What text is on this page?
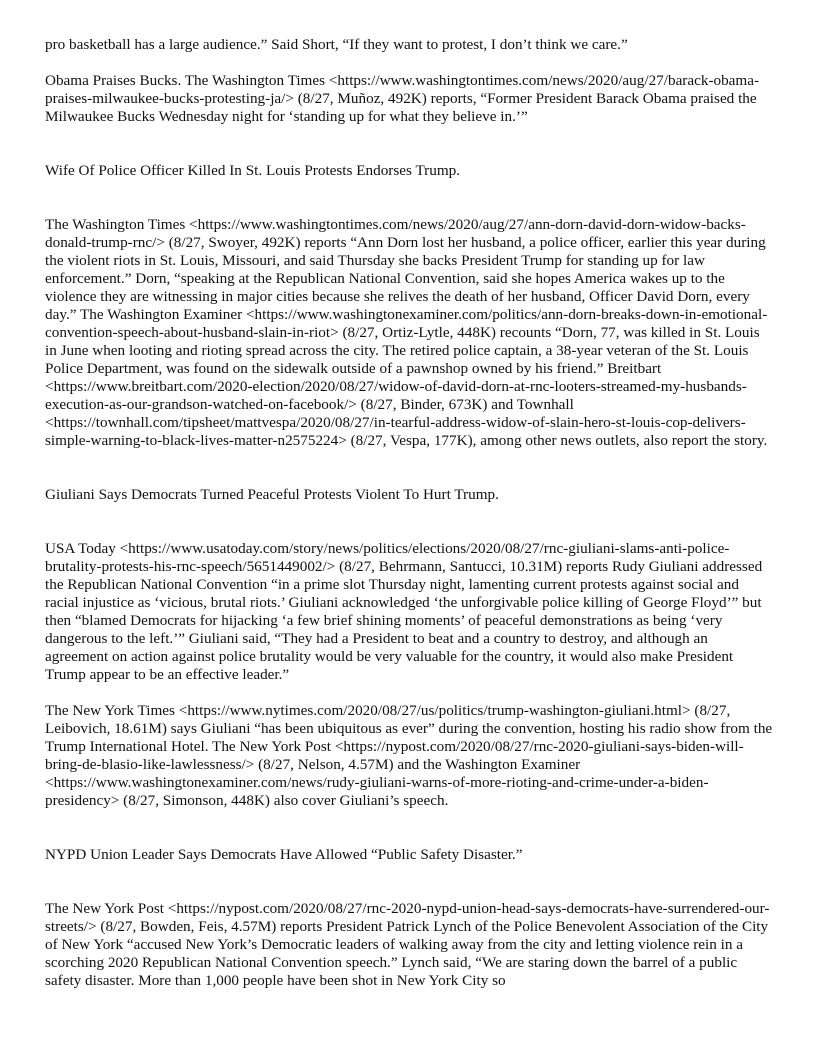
pro basketball has a large audience.” Said Short, “If they want to protest, I don’t think we care.”

Obama Praises Bucks. The Washington Times <https://www.washingtontimes.com/news/2020/aug/27/barack-obama-praises-milwaukee-bucks-protesting-ja/> (8/27, Muñoz, 492K) reports, “Former President Barack Obama praised the Milwaukee Bucks Wednesday night for ‘standing up for what they believe in.’”

Wife Of Police Officer Killed In St. Louis Protests Endorses Trump.

The Washington Times <https://www.washingtontimes.com/news/2020/aug/27/ann-dorn-david-dorn-widow-backs-donald-trump-rnc/> (8/27, Swoyer, 492K) reports “Ann Dorn lost her husband, a police officer, earlier this year during the violent riots in St. Louis, Missouri, and said Thursday she backs President Trump for standing up for law enforcement.” Dorn, “speaking at the Republican National Convention, said she hopes America wakes up to the violence they are witnessing in major cities because she relives the death of her husband, Officer David Dorn, every day.” The Washington Examiner <https://www.washingtonexaminer.com/politics/ann-dorn-breaks-down-in-emotional-convention-speech-about-husband-slain-in-riot> (8/27, Ortiz-Lytle, 448K) recounts “Dorn, 77, was killed in St. Louis in June when looting and rioting spread across the city. The retired police captain, a 38-year veteran of the St. Louis Police Department, was found on the sidewalk outside of a pawnshop owned by his friend.” Breitbart <https://www.breitbart.com/2020-election/2020/08/27/widow-of-david-dorn-at-rnc-looters-streamed-my-husbands-execution-as-our-grandson-watched-on-facebook/> (8/27, Binder, 673K) and Townhall <https://townhall.com/tipsheet/mattvespa/2020/08/27/in-tearful-address-widow-of-slain-hero-st-louis-cop-delivers-simple-warning-to-black-lives-matter-n2575224> (8/27, Vespa, 177K), among other news outlets, also report the story.

Giuliani Says Democrats Turned Peaceful Protests Violent To Hurt Trump.

USA Today <https://www.usatoday.com/story/news/politics/elections/2020/08/27/rnc-giuliani-slams-anti-police-brutality-protests-his-rnc-speech/5651449002/> (8/27, Behrmann, Santucci, 10.31M) reports Rudy Giuliani addressed the Republican National Convention “in a prime slot Thursday night, lamenting current protests against social and racial injustice as ‘vicious, brutal riots.’ Giuliani acknowledged ‘the unforgivable police killing of George Floyd’” but then “blamed Democrats for hijacking ‘a few brief shining moments’ of peaceful demonstrations as being ‘very dangerous to the left.’” Giuliani said, “They had a President to beat and a country to destroy, and although an agreement on action against police brutality would be very valuable for the country, it would also make President Trump appear to be an effective leader.”

The New York Times <https://www.nytimes.com/2020/08/27/us/politics/trump-washington-giuliani.html> (8/27, Leibovich, 18.61M) says Giuliani “has been ubiquitous as ever” during the convention, hosting his radio show from the Trump International Hotel. The New York Post <https://nypost.com/2020/08/27/rnc-2020-giuliani-says-biden-will-bring-de-blasio-like-lawlessness/> (8/27, Nelson, 4.57M) and the Washington Examiner <https://www.washingtonexaminer.com/news/rudy-giuliani-warns-of-more-rioting-and-crime-under-a-biden-presidency> (8/27, Simonson, 448K) also cover Giuliani’s speech.

NYPD Union Leader Says Democrats Have Allowed “Public Safety Disaster.”

The New York Post <https://nypost.com/2020/08/27/rnc-2020-nypd-union-head-says-democrats-have-surrendered-our-streets/> (8/27, Bowden, Feis, 4.57M) reports President Patrick Lynch of the Police Benevolent Association of the City of New York “accused New York’s Democratic leaders of walking away from the city and letting violence rein in a scorching 2020 Republican National Convention speech.” Lynch said, “We are staring down the barrel of a public safety disaster. More than 1,000 people have been shot in New York City so
